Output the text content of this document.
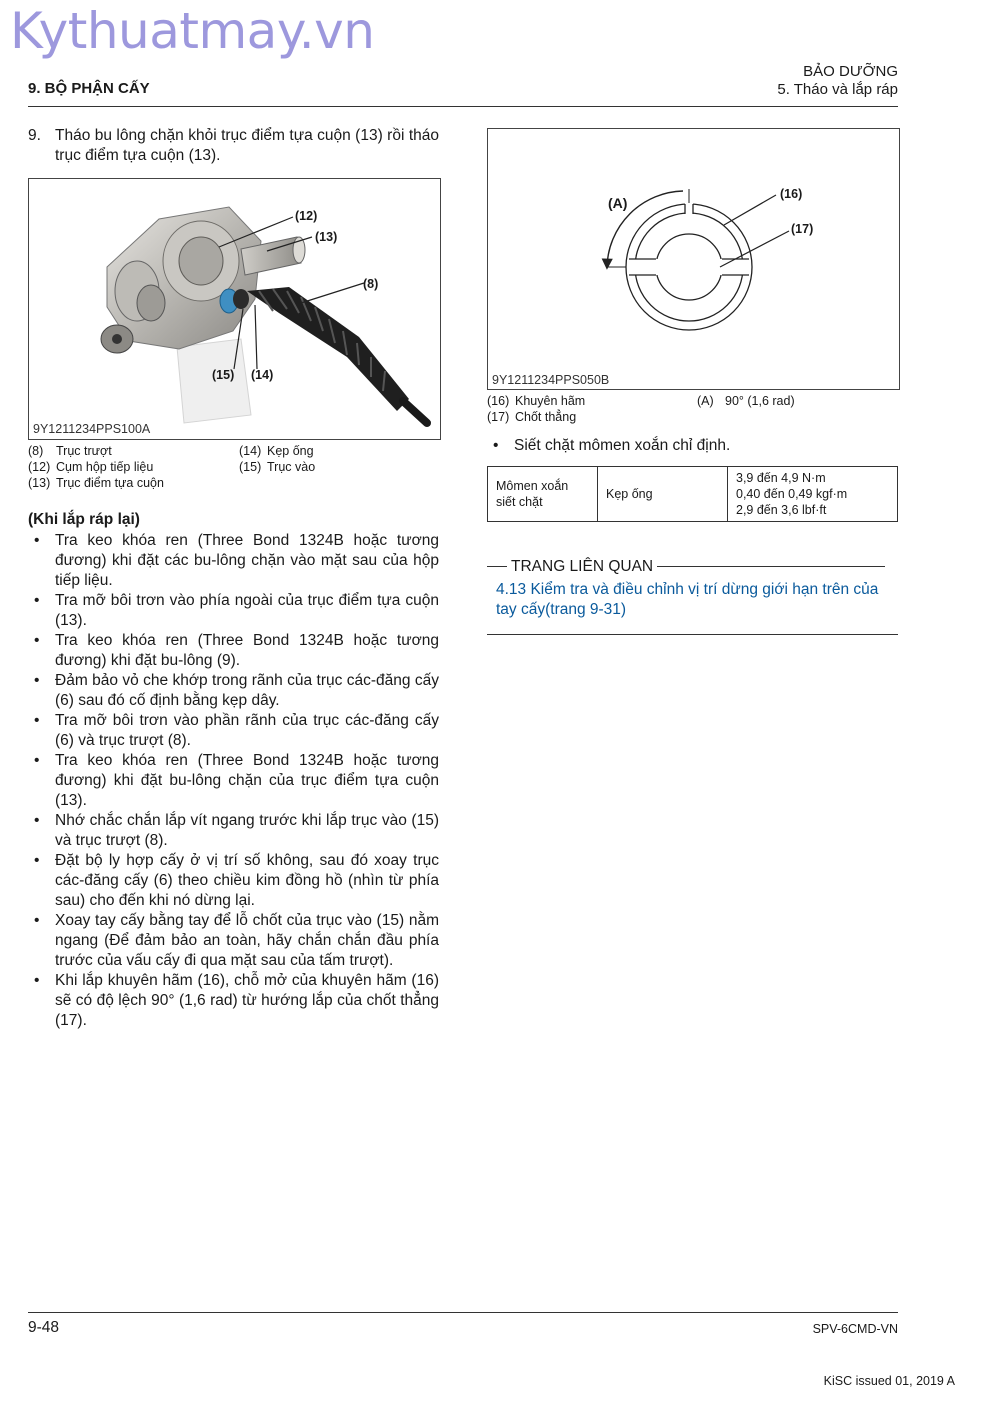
Kythuatmay.vn
9. BỘ PHẬN CẤY
BẢO DƯỠNG
5. Tháo và lắp ráp
9. Tháo bu lông chặn khỏi trục điểm tựa cuộn (13) rồi tháo trục điểm tựa cuộn (13).
(12)
(13)
(8)
(15) (14)
9Y1211234PPS100A
(8) Trục trượt
(12) Cụm hộp tiếp liệu
(13) Trục điểm tựa cuộn
(14) Kẹp ống
(15) Trục vào
(Khi lắp ráp lại)
• Tra keo khóa ren (Three Bond 1324B hoặc tương đương) khi đặt các bu-lông chặn vào mặt sau của hộp tiếp liệu.
• Tra mỡ bôi trơn vào phía ngoài của trục điểm tựa cuộn (13).
• Tra keo khóa ren (Three Bond 1324B hoặc tương đương) khi đặt bu-lông (9).
• Đảm bảo vỏ che khớp trong rãnh của trục các-đăng cấy (6) sau đó cố định bằng kẹp dây.
• Tra mỡ bôi trơn vào phần rãnh của trục các-đăng cấy (6) và trục trượt (8).
• Tra keo khóa ren (Three Bond 1324B hoặc tương đương) khi đặt bu-lông chặn của trục điểm tựa cuộn (13).
• Nhớ chắc chắn lắp vít ngang trước khi lắp trục vào (15) và trục trượt (8).
• Đặt bộ ly hợp cấy ở vị trí số không, sau đó xoay trục các-đăng cấy (6) theo chiều kim đồng hồ (nhìn từ phía sau) cho đến khi nó dừng lại.
• Xoay tay cấy bằng tay để lỗ chốt của trục vào (15) nằm ngang (Để đảm bảo an toàn, hãy chắn chắn đầu phía trước của vấu cấy đi qua mặt sau của tấm trượt).
• Khi lắp khuyên hãm (16), chỗ mở của khuyên hãm (16) sẽ có độ lệch 90° (1,6 rad) từ hướng lắp của chốt thẳng (17).
(A)
(16)
(17)
9Y1211234PPS050B
(16) Khuyên hãm
(17) Chốt thẳng
(A) 90° (1,6 rad)
• Siết chặt mômen xoắn chỉ định.
Mômen xoắn siết chặt	Kẹp ống	
3,9 đến 4,9 N·m
0,40 đến 0,49 kgf·m
2,9 đến 3,6 lbf·ft
TRANG LIÊN QUAN
4.13 Kiểm tra và điều chỉnh vị trí dừng giới hạn trên của tay cấy(trang 9-31)
9-48	SPV-6CMD-VN
KiSC issued 01, 2019 A
